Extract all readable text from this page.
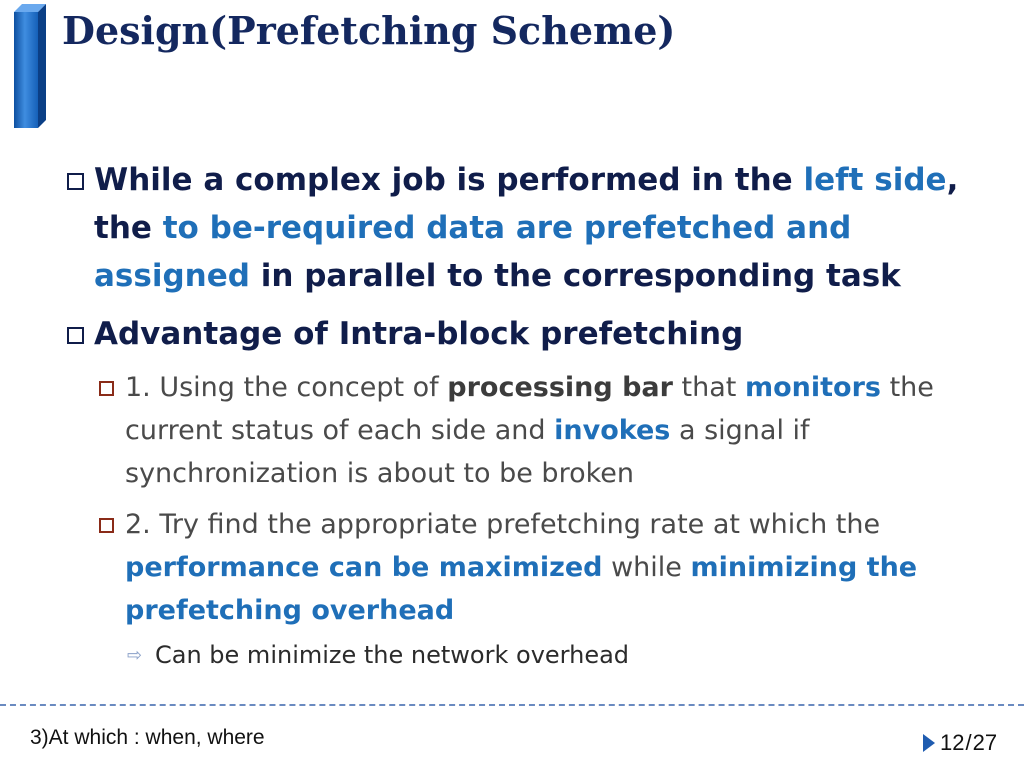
Design(Prefetching Scheme)
While a complex job is performed in the left side, the to be-required data are prefetched and assigned in parallel to the corresponding task
Advantage of Intra-block prefetching
1. Using the concept of processing bar that monitors the current status of each side and invokes a signal if synchronization is about to be broken
2. Try find the appropriate prefetching rate at which the performance can be maximized while minimizing the prefetching overhead
⇨ Can be minimize the network overhead
3)At which : when, where	12 / 27
